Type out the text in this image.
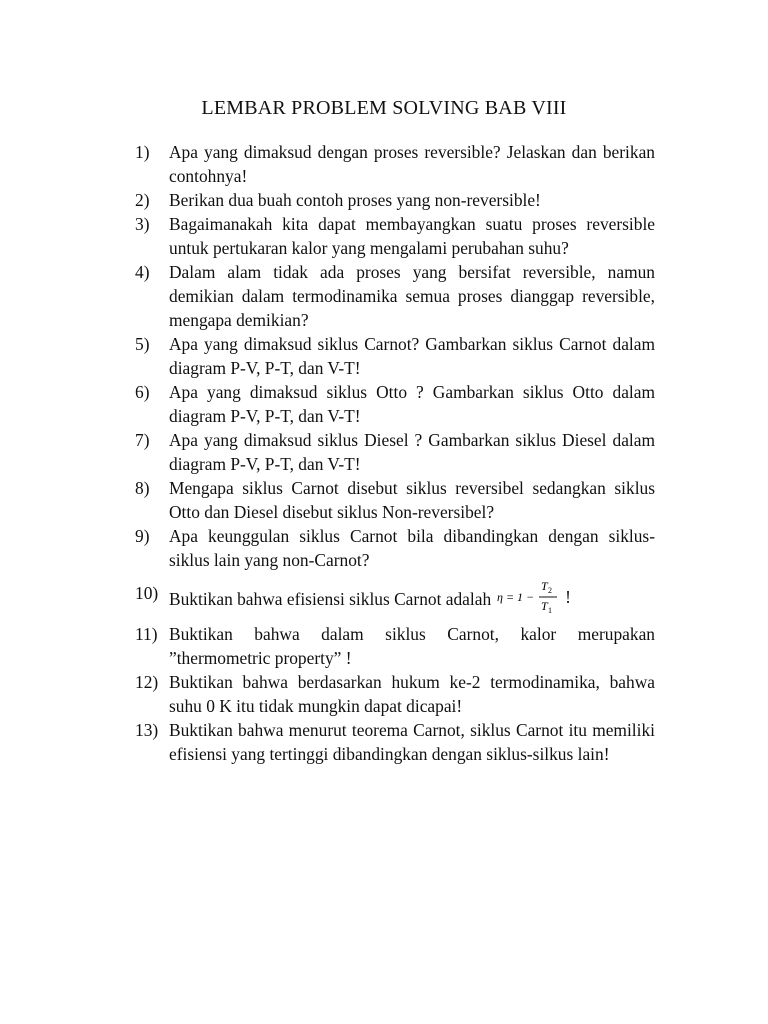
LEMBAR PROBLEM SOLVING BAB VIII
1) Apa yang dimaksud dengan proses reversible? Jelaskan dan berikan contohnya!
2) Berikan dua buah contoh proses yang non-reversible!
3) Bagaimanakah kita dapat membayangkan suatu proses reversible untuk pertukaran kalor yang mengalami perubahan suhu?
4) Dalam alam tidak ada proses yang bersifat reversible, namun demikian dalam termodinamika semua proses dianggap reversible, mengapa demikian?
5) Apa yang dimaksud siklus Carnot? Gambarkan siklus Carnot dalam diagram P-V, P-T, dan V-T!
6) Apa yang dimaksud siklus Otto ? Gambarkan siklus Otto dalam diagram P-V, P-T, dan V-T!
7) Apa yang dimaksud siklus Diesel ? Gambarkan siklus Diesel dalam diagram P-V, P-T, dan V-T!
8) Mengapa siklus Carnot disebut siklus reversibel sedangkan siklus Otto dan Diesel disebut siklus Non-reversibel?
9) Apa keunggulan siklus Carnot bila dibandingkan dengan siklus-siklus lain yang non-Carnot?
10) Buktikan bahwa efisiensi siklus Carnot adalah η = 1 −
T 2
T 1
!
11) Buktikan bahwa dalam siklus Carnot, kalor merupakan ”thermometric property” !
12) Buktikan bahwa berdasarkan hukum ke-2 termodinamika, bahwa suhu 0 K itu tidak mungkin dapat dicapai!
13) Buktikan bahwa menurut teorema Carnot, siklus Carnot itu memiliki efisiensi yang tertinggi dibandingkan dengan siklus-silkus lain!
